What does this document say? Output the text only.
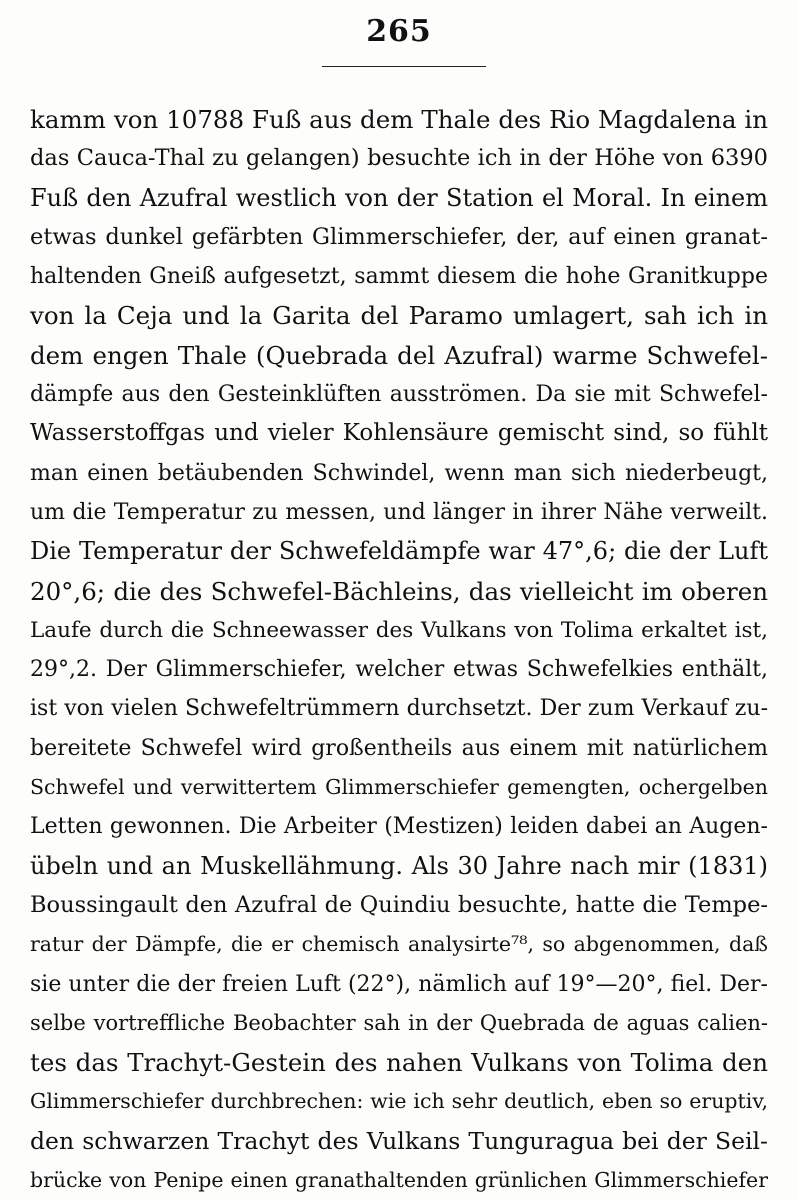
265
kamm von 10788 Fuß aus dem Thale des Rio Magdalena in
das Cauca-Thal zu gelangen) besuchte ich in der Höhe von 6390
Fuß den Azufral westlich von der Station el Moral. In einem
etwas dunkel gefärbten Glimmerschiefer, der, auf einen granat-
haltenden Gneiß aufgesetzt, sammt diesem die hohe Granitkuppe
von la Ceja und la Garita del Paramo umlagert, sah ich in
dem engen Thale (Quebrada del Azufral) warme Schwefel-
dämpfe aus den Gesteinklüften ausströmen. Da sie mit Schwefel-
Wasserstoffgas und vieler Kohlensäure gemischt sind, so fühlt
man einen betäubenden Schwindel, wenn man sich niederbeugt,
um die Temperatur zu messen, und länger in ihrer Nähe verweilt.
Die Temperatur der Schwefeldämpfe war 47°,6; die der Luft
20°,6; die des Schwefel-Bächleins, das vielleicht im oberen
Laufe durch die Schneewasser des Vulkans von Tolima erkaltet ist,
29°,2. Der Glimmerschiefer, welcher etwas Schwefelkies enthält,
ist von vielen Schwefeltrümmern durchsetzt. Der zum Verkauf zu-
bereitete Schwefel wird großentheils aus einem mit natürlichem
Schwefel und verwittertem Glimmerschiefer gemengten, ochergelben
Letten gewonnen. Die Arbeiter (Mestizen) leiden dabei an Augen-
übeln und an Muskellähmung. Als 30 Jahre nach mir (1831)
Boussingault den Azufral de Quindiu besuchte, hatte die Tempe-
ratur der Dämpfe, die er chemisch analysirte⁷⁸, so abgenommen, daß
sie unter die der freien Luft (22°), nämlich auf 19°—20°, fiel. Der-
selbe vortreffliche Beobachter sah in der Quebrada de aguas calien-
tes das Trachyt-Gestein des nahen Vulkans von Tolima den
Glimmerschiefer durchbrechen: wie ich sehr deutlich, eben so eruptiv,
den schwarzen Trachyt des Vulkans Tunguragua bei der Seil-
brücke von Penipe einen granathaltenden grünlichen Glimmerschiefer
